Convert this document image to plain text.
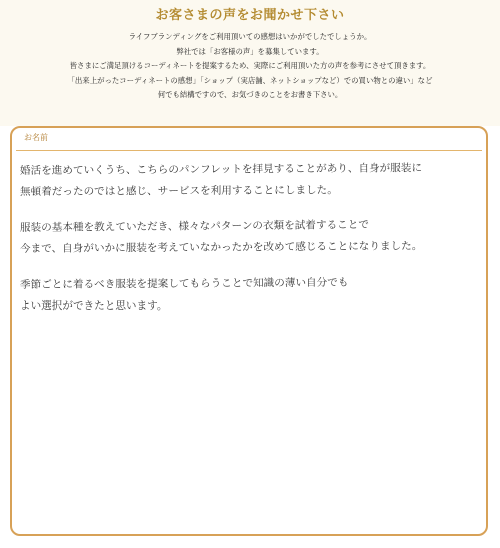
お客さまの声をお聞かせ下さい

ライフブランディングをご利用頂いての感想はいかがでしたでしょうか。

弊社では「お客様の声」を募集しています。

皆さまにご満足頂けるコーディネートを提案するため、実際にご利用頂いた方の声を参考にさせて頂きます。

「出来上がったコーディネートの感想」「ショップ（実店舗、ネットショップなど）での買い物との違い」など

何でも結構ですので、お気づきのことをお書き下さい。

お名前

婚活を進めていくうち、こちらのパンフレットを拝見することがあり、自身が服装に

無頓着だったのではと感じ、サービスを利用することにしました。

服装の基本種を教えていただき、様々なパターンの衣類を試着することで

今まで、自身がいかに服装を考えていなかったかを改めて感じることになりました。

季節ごとに着るべき服装を提案してもらうことで知識の薄い自分でも

よい選択ができたと思います。
